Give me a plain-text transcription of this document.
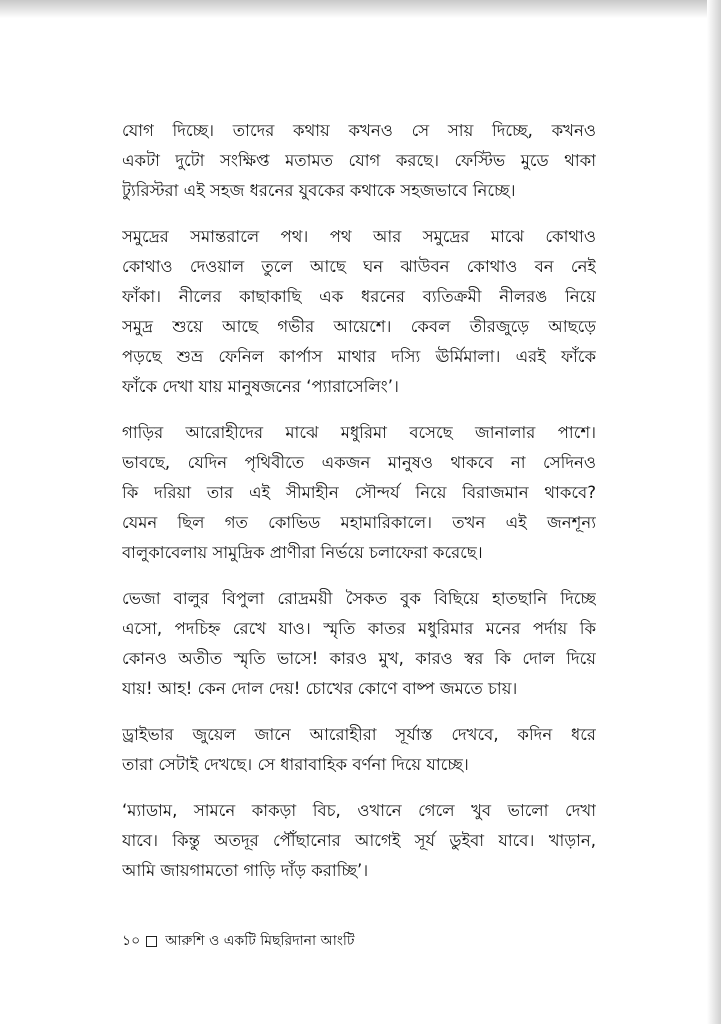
যোগ দিচ্ছে। তাদের কথায় কখনও সে সায় দিচ্ছে, কখনও
একটা দুটো সংক্ষিপ্ত মতামত যোগ করছে। ফেস্টিভ মুডে থাকা
ট্যুরিস্টরা এই সহজ ধরনের যুবকের কথাকে সহজভাবে নিচ্ছে।

সমুদ্রের সমান্তরালে পথ। পথ আর সমুদ্রের মাঝে কোথাও
কোথাও দেওয়াল তুলে আছে ঘন ঝাউবন কোথাও বন নেই
ফাঁকা। নীলের কাছাকাছি এক ধরনের ব্যতিক্রমী নীলরঙ নিয়ে
সমুদ্র শুয়ে আছে গভীর আয়েশে। কেবল তীরজুড়ে আছড়ে
পড়ছে শুভ্র ফেনিল কার্পাস মাথার দস্যি ঊর্মিমালা। এরই ফাঁকে
ফাঁকে দেখা যায় মানুষজনের ‘প্যারাসেলিং’।

গাড়ির আরোহীদের মাঝে মধুরিমা বসেছে জানালার পাশে।
ভাবছে, যেদিন পৃথিবীতে একজন মানুষও থাকবে না সেদিনও
কি দরিয়া তার এই সীমাহীন সৌন্দর্য নিয়ে বিরাজমান থাকবে?
যেমন ছিল গত কোভিড মহামারিকালে। তখন এই জনশূন্য
বালুকাবেলায় সামুদ্রিক প্রাণীরা নির্ভয়ে চলাফেরা করেছে।

ভেজা বালুর বিপুলা রোদ্রময়ী সৈকত বুক বিছিয়ে হাতছানি দিচ্ছে
এসো, পদচিহ্ন রেখে যাও। স্মৃতি কাতর মধুরিমার মনের পর্দায় কি
কোনও অতীত স্মৃতি ভাসে! কারও মুখ, কারও স্বর কি দোল দিয়ে
যায়! আহ! কেন দোল দেয়! চোখের কোণে বাষ্প জমতে চায়।

ড্রাইভার জুয়েল জানে আরোহীরা সূর্যাস্ত দেখবে, কদিন ধরে
তারা সেটাই দেখছে। সে ধারাবাহিক বর্ণনা দিয়ে যাচ্ছে।

‘ম্যাডাম, সামনে কাকড়া বিচ, ওখানে গেলে খুব ভালো দেখা
যাবে। কিন্তু অতদূর পৌঁছানোর আগেই সূর্য ডুইবা যাবে। খাড়ান,
আমি জায়গামতো গাড়ি দাঁড় করাচ্ছি’।

১০ আরুশি ও একটি মিছরিদানা আংটি
